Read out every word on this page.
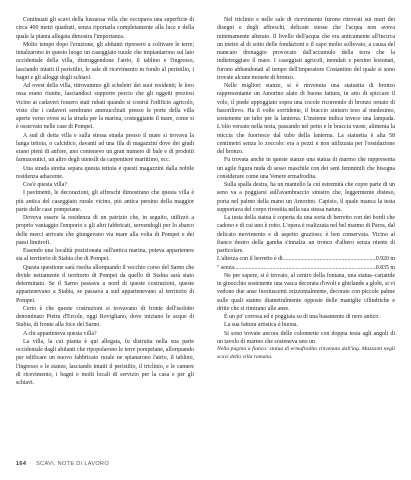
Continuati gli scavi della lussuosa villa che occupava una superficie di circa 400 metri quadrati, senza riportarla completamente alla luce e della quale la pianta allegata dimostra l'importanza.

Molto tempo dopo l'eruzione, gli abitanti ripresero a coltivare le terre; innalzarono in questo luogo un caseggiato rurale che impiantarono sul lato occidentale della villa, distruggendone l'atrio, il tablino e l'ingresso, lasciando intatti il peristilio, le sale di ricevimento in fondo al peristilio, i bagni e gli alloggi degli schiavi.

Ad ovest della villa, ritrovammo gli scheletri dei suoi residenti; le loro ossa erano riunite, lasciandoci supporre percio che gli oggetti preziosi vicino ai cadaveri fossero stati rubati quando si costruì l'edificio agricolo, visto che i cadaveri sembrano ammucchiati presso le porte della villa aperte verso ovest su la strada per la marina, costeggiante il mare, come si è osservato nelle case di Pompei.

A sud di detta villa e sulla stessa strada presso il mare si trovava la lunga tettoia, o calcidico, davanti ad una fila di magazzini dove dei giudi erano pieni di anfore, uno contenevo un gran numero di bale e di prodotti farmaceutici, un altro degli utensili da carpentiere marittimo, ecc.

Una strada stretta separa questa tettoia e questi magazzini dalla nobile residenza adiacente.

Cos'è questa villa?

I pavimenti, le decorazioni, gli affreschi dimostrano che questa villa è più antica del caseggiato rurale vicino, più antica persino della maggior parte delle case pompeiane.

Doveva essere la residenza di un patrizio che, in seguito, utilizzò a proprio vantaggio l'emporio e gli altri fabbricati, servendogli per lo sbarco delle merci arrivate che giungevano via mare alla volta di Pompei e dei paesi limitrofi.

Essendo una località posizionata sull'antica marina, poteva appartenere sia al territorio di Stabia che di Pompei.

Questa questione sarà risolta allorquando il vecchio corso del Sarno che divide nettamente il territorio di Pompei da quello di Stabia sarà stato determinato. Se il Sarno passava a nord di queste costruzioni, queste appartenevano a Stabia, se passava a sud appartenevano al territorio di Pompei.

Certo è che queste costruzioni si trovavano di fronte dell'isolotto denominato Pietra d'Ercole, oggi Rovigliano, dove iniziano le acque di Stabia, di fronte alla foce del Sarno.

A chi apparteneva questa villa?

La villa, la cui pianta è qui allegata, fu distrutta nella sua parte occidentale dagli abitanti che ripopolarono le terre pompeiane, allorquando per edificare un nuovo fabbricato rurale ne spianarono l'atrio, il tablino, l'ingresso e le stanze, lasciando intatti il peristilio, il triclinio, e le camere di ricevimento, i bagni e molti locali di servizio per la casa e per gli schiavi.

Nel triclinio e nelle sale di ricevimento furono ritrovati sui muri dei disegni e degli affreschi, delicate stesse che l'acqua non aveva minimamente alterato. Il livello dell'acqua che era anticamente all'incirca un metro al di sotto delle fondazioni e il capo molto sollevato, a causa del mancato drenaggio provocato dall'accumulo della terra che la indietreggiare il mare. I caseggiati agricoli, inondati e persino lesionati, furono abbandonati al tempo dell'imperatore Costantino del quale si sono trovate alcune monete di bronzo.

Nelle migliori stanze, si è rinvenuta una statuetta di bronzo rappresentante un Amorino alato di buona fattura, in atto di spiccare il volo, il piede appoggiato sopra una cocole ricorrendo di bronzo ornato di basorilievo. Ha il volto sorridente, il braccio sinistro teso al medesimo, sostenente un tubo per la lanterna. L'insieme indica invece una lampada. L'olio versato nella testa, passando nel petto e le braccia vuote, alimenta la miccia che fuoriesce dal tubo della lanterna. La statuetta è alta 58 centimetri senza lo zoccolo: era a pezzi e non utilizzata per l'ossidazione del bronzo.

Fu trovata anche in queste stanze una statua di marmo che rappresenta un agile figura nuda di sesso maschile con dei seni femminili che bisogna considerare come una Venere ermafrodita.

Sulla spalla destra, ha un mantello la cui estremità che copre parte di un seno va a poggiarsi sull'avambraccio sinistro che, leggermente disteso, porta nel palmo della mano un Amorino. Capisio, il quale manca la testa supportava del corpo rivestita nella sua stessa natura.

La testa della statua è coperta da una sorta di berretto con dei bordi che cadono e di cui uno è rotto. L'opera è realizzata nel bel marmo di Paros, dal delicato movimento e di aspetto grazioso; è ben conservata. Vicino al fianco destro della gamba s'innalza un tronco d'albero senza niente di particolare.

L'altezza con il berretto è di .....	0.920 m

" senza .....	0.835 m

Ne per sapere, si è trovato, al centro della fontana, una statua–cariatide in ginocchio sostenente una vasca decorata d'ovoli e ghirlande a globi, si vi vedono due anse fuoriuscenti orizzontalmente, decorate con piccole palme sulle quali stanno diametralmente opposte delle maniglie cilindriche e dritte che si rimirano alle anse.

È un po' corrosa ed è poggiata su di una basamento di nero antico.

La sua fattura artistica è buona.

Si sono trovate ancora delle colonnette con doppia testa agli angoli di un tavolo di marmo che sosteneva uno un

Nella pagina a fianco: statua di ermafrodito rinvenuta dall'ing. Mazzanti negli scavi della villa romana.

164 SCAVI, NOTE DI LAVORO
